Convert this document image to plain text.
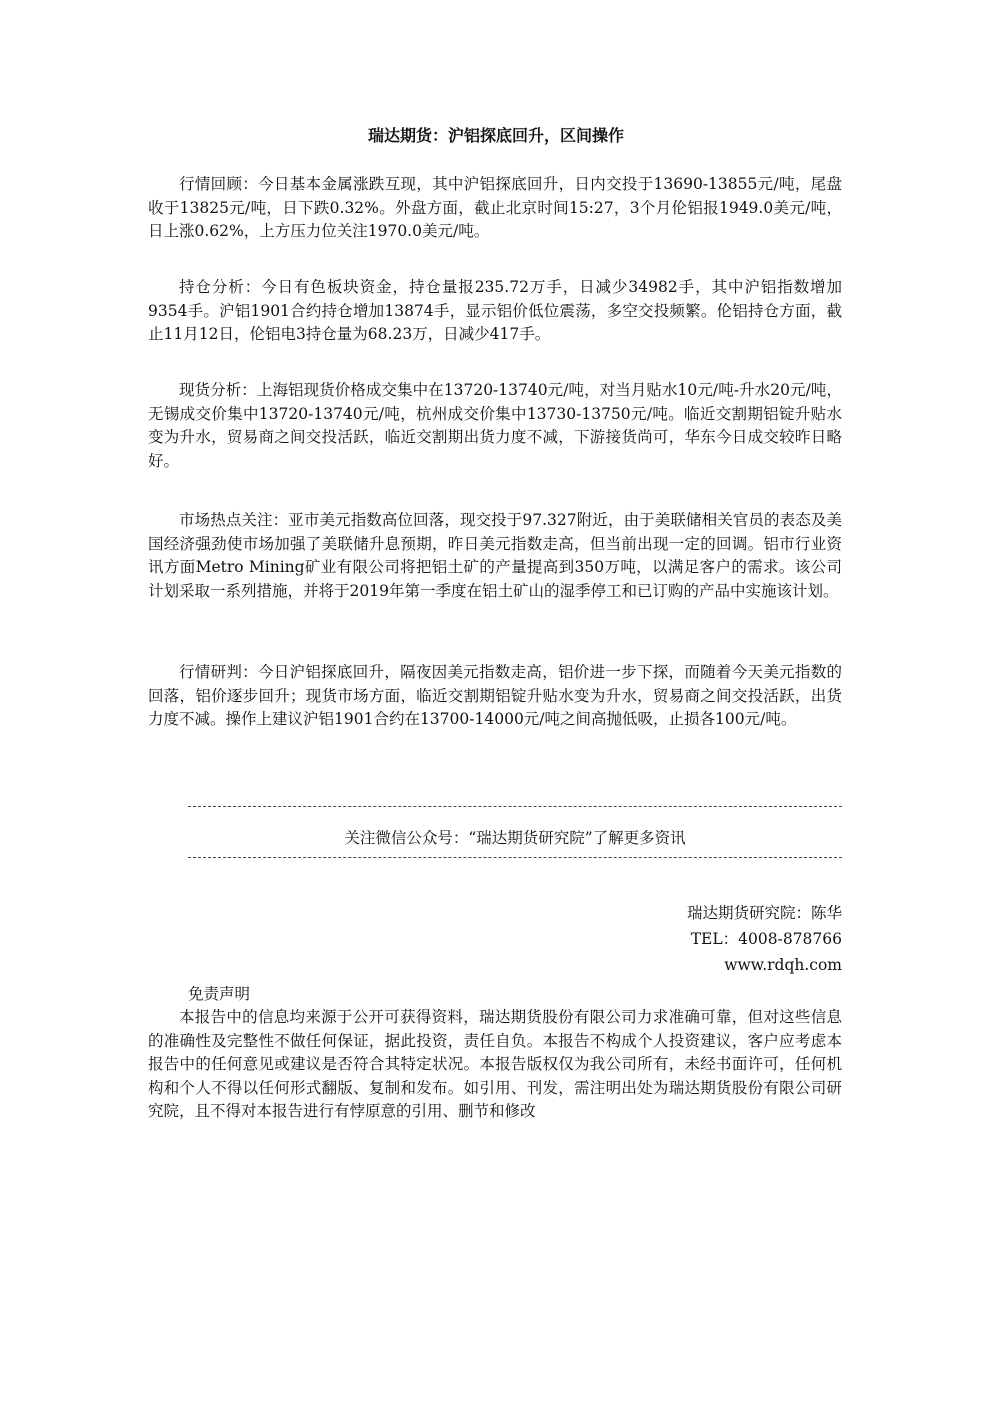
瑞达期货：沪铝探底回升，区间操作

行情回顾：今日基本金属涨跌互现，其中沪铝探底回升，日内交投于13690-13855元/吨，尾盘收于13825元/吨，日下跌0.32%。外盘方面，截止北京时间15:27，3个月伦铝报1949.0美元/吨，日上涨0.62%，上方压力位关注1970.0美元/吨。

持仓分析：今日有色板块资金，持仓量报235.72万手，日减少34982手，其中沪铝指数增加9354手。沪铝1901合约持仓增加13874手，显示铝价低位震荡，多空交投频繁。伦铝持仓方面，截止11月12日，伦铝电3持仓量为68.23万，日减少417手。

现货分析：上海铝现货价格成交集中在13720-13740元/吨，对当月贴水10元/吨-升水20元/吨，无锡成交价集中13720-13740元/吨，杭州成交价集中13730-13750元/吨。临近交割期铝锭升贴水变为升水，贸易商之间交投活跃，临近交割期出货力度不减，下游接货尚可，华东今日成交较昨日略好。

市场热点关注：亚市美元指数高位回落，现交投于97.327附近，由于美联储相关官员的表态及美国经济强劲使市场加强了美联储升息预期，昨日美元指数走高，但当前出现一定的回调。铝市行业资讯方面Metro Mining矿业有限公司将把铝土矿的产量提高到350万吨，以满足客户的需求。该公司计划采取一系列措施，并将于2019年第一季度在铝土矿山的湿季停工和已订购的产品中实施该计划。

行情研判：今日沪铝探底回升，隔夜因美元指数走高，铝价进一步下探，而随着今天美元指数的回落，铝价逐步回升；现货市场方面，临近交割期铝锭升贴水变为升水，贸易商之间交投活跃，出货力度不减。操作上建议沪铝1901合约在13700-14000元/吨之间高抛低吸，止损各100元/吨。

关注微信公众号：“瑞达期货研究院”了解更多资讯
瑞达期货研究院：陈华
TEL：4008-878766
www.rdqh.com
免责声明

本报告中的信息均来源于公开可获得资料，瑞达期货股份有限公司力求准确可靠，但对这些信息的准确性及完整性不做任何保证，据此投资，责任自负。本报告不构成个人投资建议，客户应考虑本报告中的任何意见或建议是否符合其特定状况。本报告版权仅为我公司所有，未经书面许可，任何机构和个人不得以任何形式翻版、复制和发布。如引用、刊发，需注明出处为瑞达期货股份有限公司研究院，且不得对本报告进行有悖原意的引用、删节和修改
